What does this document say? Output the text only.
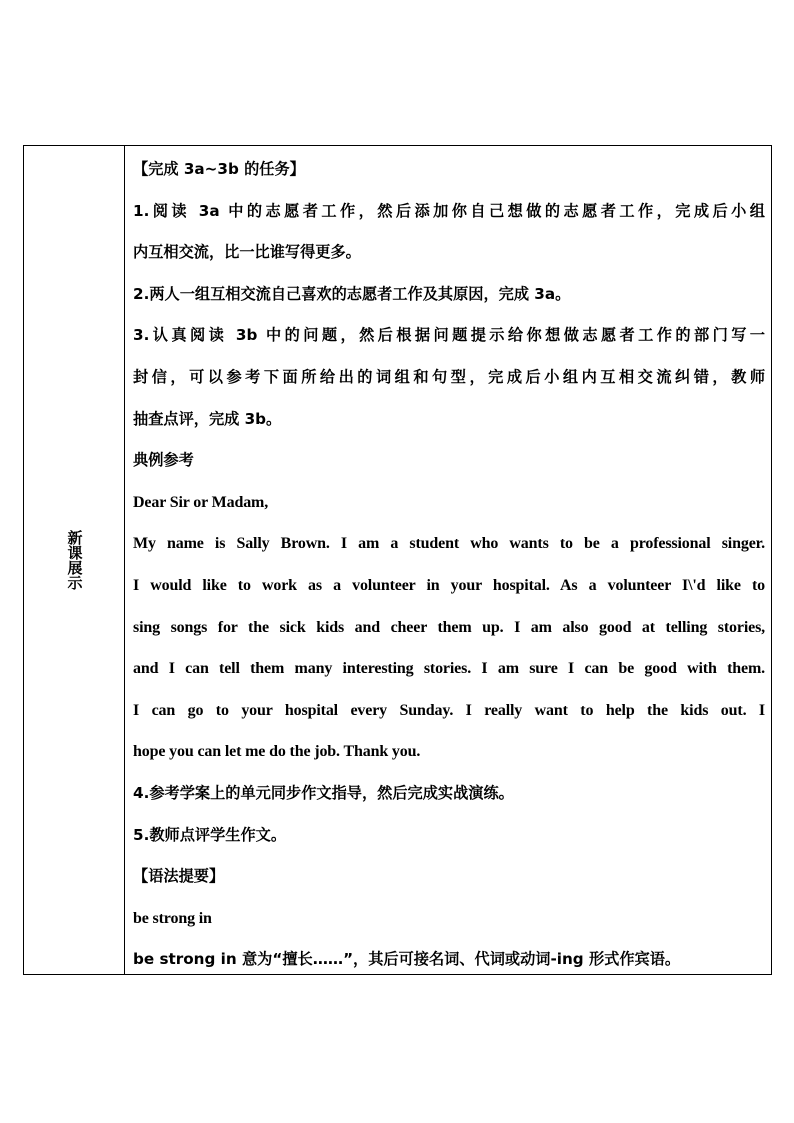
新课展示

【完成 3a~3b 的任务】

1.阅读 3a 中的志愿者工作，然后添加你自己想做的志愿者工作，完成后小组

内互相交流，比一比谁写得更多。

2.两人一组互相交流自己喜欢的志愿者工作及其原因，完成 3a。

3.认真阅读 3b 中的问题，然后根据问题提示给你想做志愿者工作的部门写一

封信，可以参考下面所给出的词组和句型，完成后小组内互相交流纠错，教师

抽查点评，完成 3b。

典例参考

Dear Sir or Madam,

My name is Sally Brown. I am a student who wants to be a professional singer.

I would like to work as a volunteer in your hospital. As a volunteer I\'d like to

sing songs for the sick kids and cheer them up. I am also good at telling stories,

and I can tell them many interesting stories. I am sure I can be good with them.

I can go to your hospital every Sunday. I really want to help the kids out. I

hope you can let me do the job. Thank you.

4.参考学案上的单元同步作文指导，然后完成实战演练。

5.教师点评学生作文。

【语法提要】

be strong in

be strong in 意为“擅长……”，其后可接名词、代词或动词-ing 形式作宾语。
